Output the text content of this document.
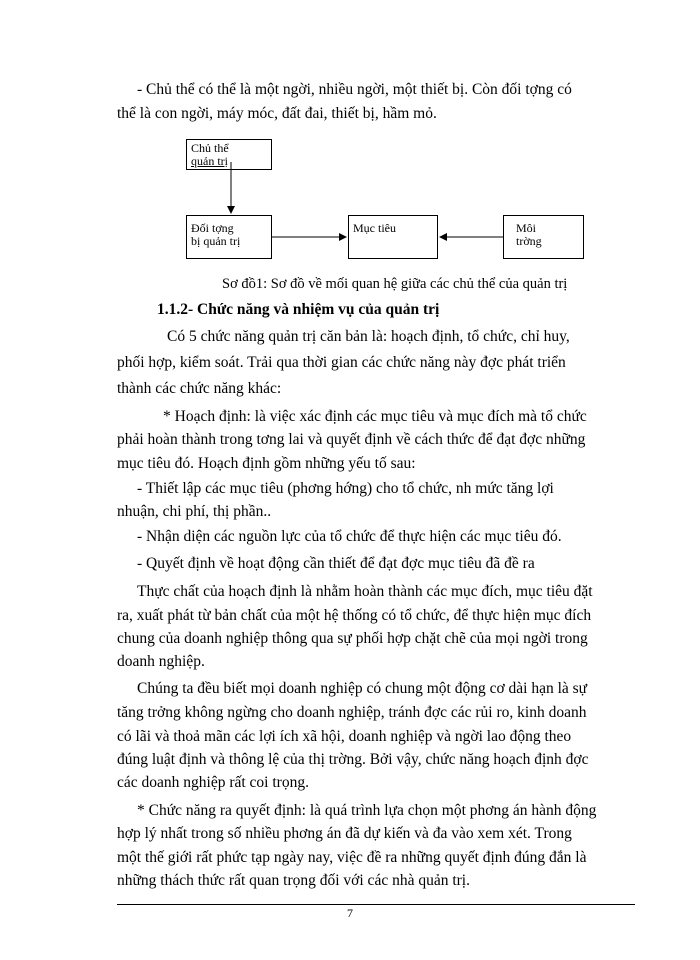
- Chủ thể có thể là một ngời, nhiều ngời, một thiết bị. Còn đối tợng có
thể là con ngời, máy móc, đất đai, thiết bị, hầm mỏ.
Chủ thể
quản trị
Đối tợng
bị quản trị
Mục tiêu	Môi
trờng
Sơ đồ1: Sơ đồ về mối quan hệ giữa các chủ thể của quản trị
1.1.2- Chức năng và nhiệm vụ của quản trị
Có 5 chức năng quản trị căn bản là: hoạch định, tổ chức, chỉ huy,
phối hợp, kiểm soát. Trải qua thời gian các chức năng này đợc phát triển
thành các chức năng khác:
* Hoạch định: là việc xác định các mục tiêu và mục đích mà tổ chức
phải hoàn thành trong tơng lai và quyết định về cách thức để đạt đợc những
mục tiêu đó. Hoạch định gồm những yếu tố sau:
- Thiết lập các mục tiêu (phơng hớng) cho tổ chức, nh mức tăng lợi
nhuận, chi phí, thị phần..
- Nhận diện các nguồn lực của tổ chức để thực hiện các mục tiêu đó.
- Quyết định về hoạt động cần thiết để đạt đợc mục tiêu đã đề ra
Thực chất của hoạch định là nhằm hoàn thành các mục đích, mục tiêu đặt
ra, xuất phát từ bản chất của một hệ thống có tổ chức, để thực hiện mục đích
chung của doanh nghiệp thông qua sự phối hợp chặt chẽ của mọi ngời trong
doanh nghiệp.
Chúng ta đều biết mọi doanh nghiệp có chung một động cơ dài hạn là sự
tăng trởng không ngừng cho doanh nghiệp, tránh đợc các rủi ro, kinh doanh
có lãi và thoả mãn các lợi ích xã hội, doanh nghiệp và ngời lao động theo
đúng luật định và thông lệ của thị trờng. Bởi vậy, chức năng hoạch định đợc
các doanh nghiệp rất coi trọng.
* Chức năng ra quyết định: là quá trình lựa chọn một phơng án hành động
hợp lý nhất trong số nhiều phơng án đã dự kiến và đa vào xem xét. Trong
một thế giới rất phức tạp ngày nay, việc đề ra những quyết định đúng đắn là
những thách thức rất quan trọng đối với các nhà quản trị.
7
